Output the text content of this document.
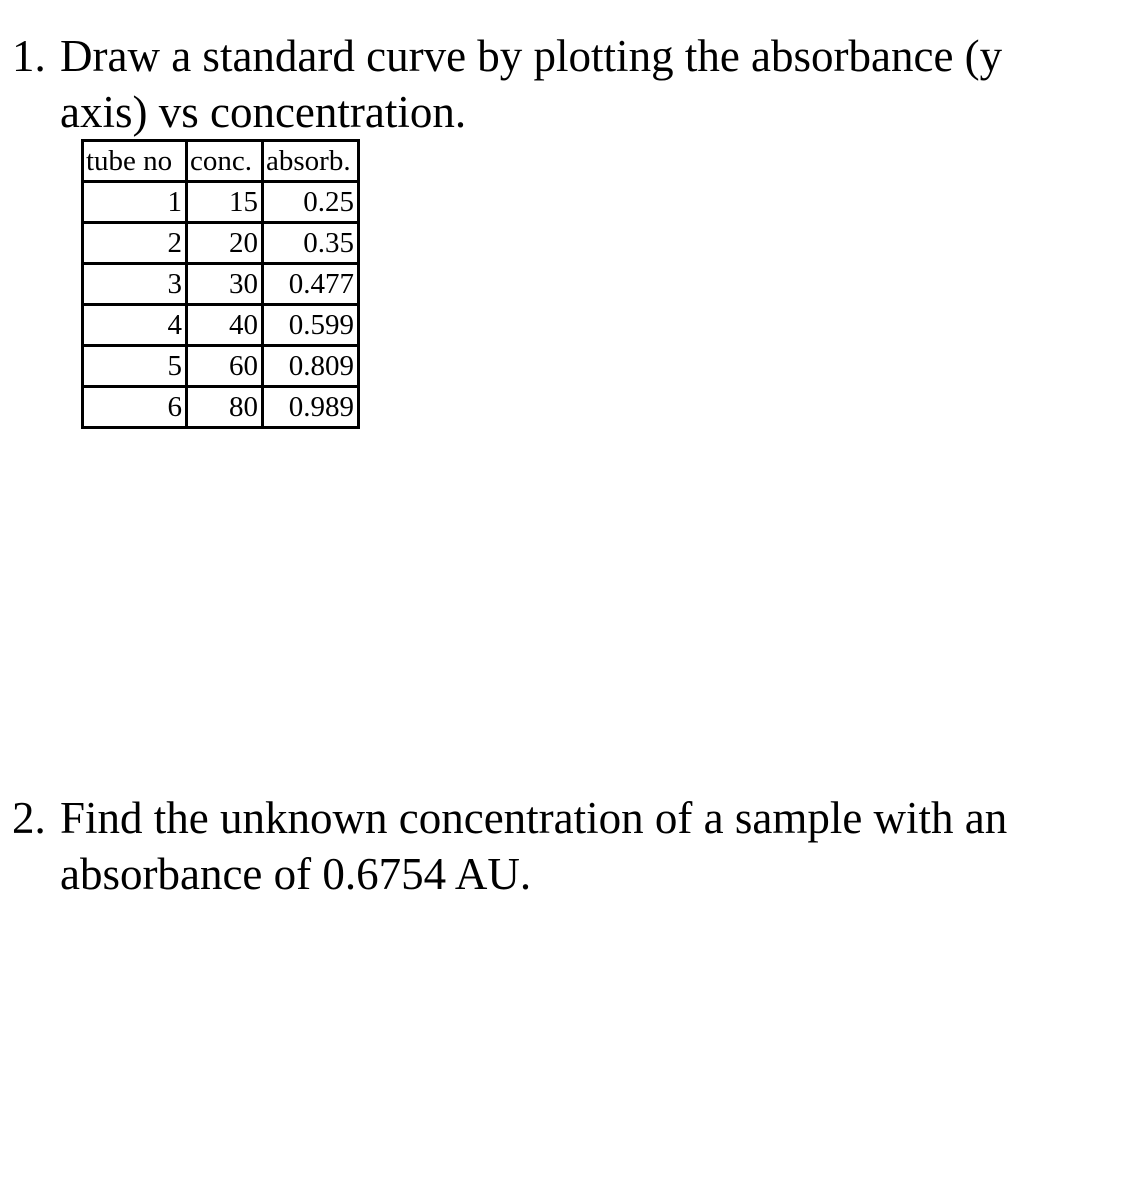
1. Draw a standard curve by plotting the absorbance (y
axis) vs concentration.
tube no	conc.	absorb.
1	15	0.25
2	20	0.35
3	30	0.477
4	40	0.599
5	60	0.809
6	80	0.989
2. Find the unknown concentration of a sample with an
absorbance of 0.6754 AU.
